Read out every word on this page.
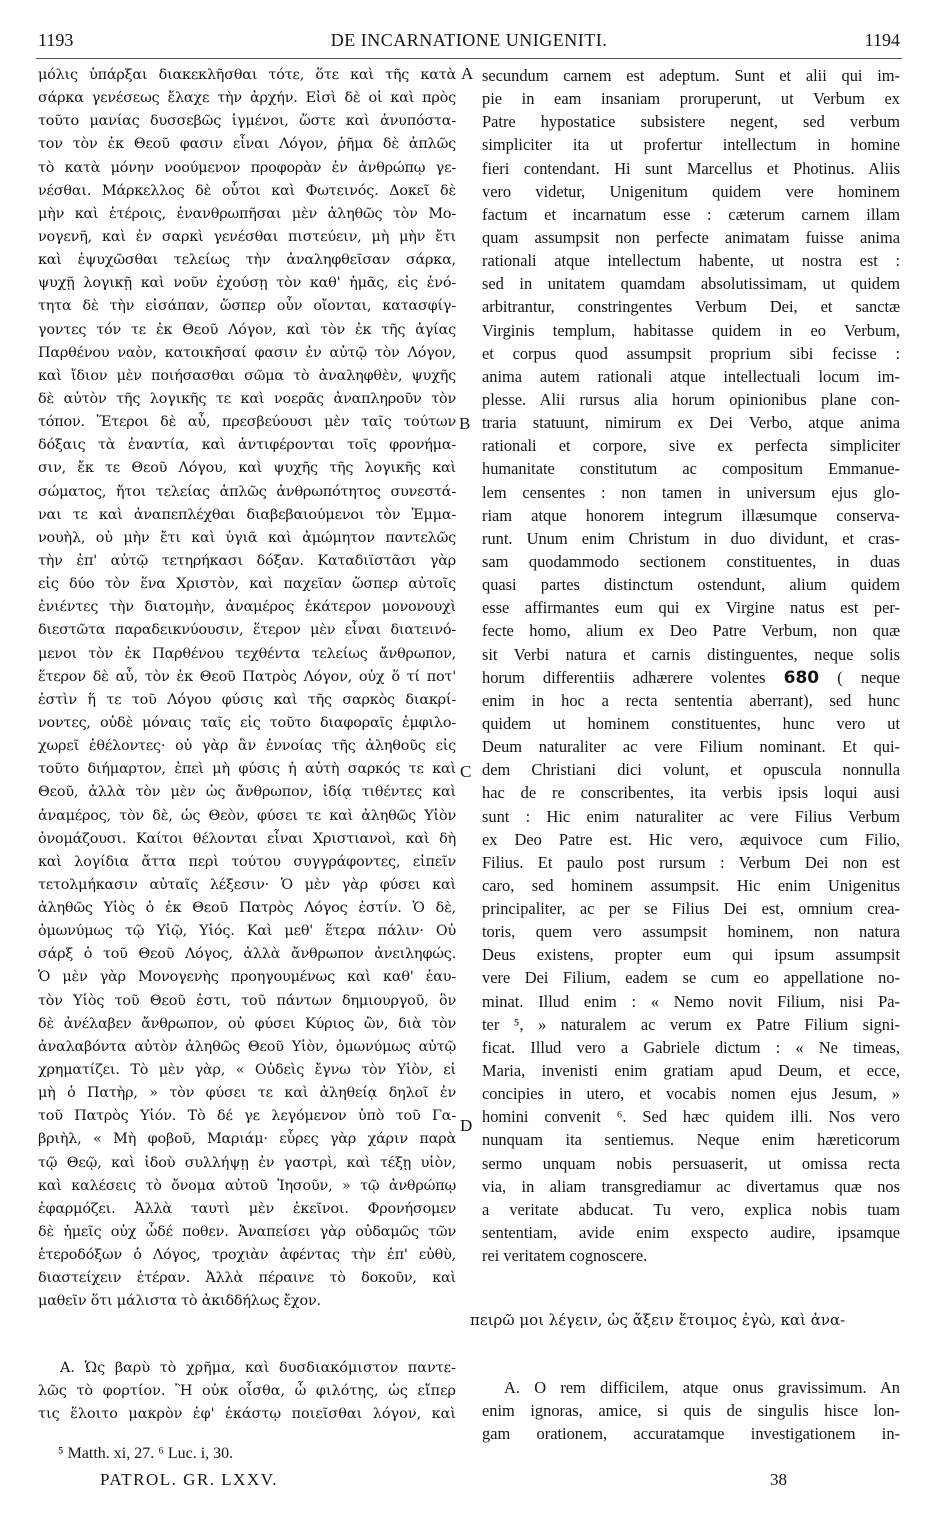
1193	DE INCARNATIONE UNIGENITI.	1194
A
B
C
D
μόλις ὑπάρξαι διακεκλῆσθαι τότε, ὅτε καὶ τῆς κατὰ
σάρκα γενέσεως ἔλαχε τὴν ἀρχήν. Εἰσὶ δὲ οἱ καὶ πρὸς
τοῦτο μανίας δυσσεβῶς ἱγμένοι, ὥστε καὶ ἀνυπόστα-
τον τὸν ἐκ Θεοῦ φασιν εἶναι Λόγον, ῥῆμα δὲ ἁπλῶς
τὸ κατὰ μόνην νοούμενον προφορὰν ἐν ἀνθρώπῳ γε-
νέσθαι. Μάρκελλος δὲ οὗτοι καὶ Φωτεινός. Δοκεῖ δὲ
μὴν καὶ ἑτέροις, ἐνανθρωπῆσαι μὲν ἀληθῶς τὸν Μο-
νογενῆ, καὶ ἐν σαρκὶ γενέσθαι πιστεύειν, μὴ μὴν ἔτι
καὶ ἐψυχῶσθαι τελείως τὴν ἀναληφθεῖσαν σάρκα,
ψυχῇ λογικῇ καὶ νοῦν ἐχούσῃ τὸν καθ' ἡμᾶς, εἰς ἑνό-
τητα δὲ τὴν εἰσάπαν, ὥσπερ οὖν οἴονται, κατασφίγ-
γοντες τόν τε ἐκ Θεοῦ Λόγον, καὶ τὸν ἐκ τῆς ἁγίας
Παρθένου ναὸν, κατοικῆσαί φασιν ἐν αὐτῷ τὸν Λόγον,
καὶ ἴδιον μὲν ποιήσασθαι σῶμα τὸ ἀναληφθὲν, ψυχῆς
δὲ αὐτὸν τῆς λογικῆς τε καὶ νοερᾶς ἀναπληροῦν τὸν
τόπον. Ἕτεροι δὲ αὖ, πρεσβεύουσι μὲν ταῖς τούτων
δόξαις τὰ ἐναντία, καὶ ἀντιφέρονται τοῖς φρονήμα-
σιν, ἔκ τε Θεοῦ Λόγου, καὶ ψυχῆς τῆς λογικῆς καὶ
σώματος, ἤτοι τελείας ἁπλῶς ἀνθρωπότητος συνεστά-
ναι τε καὶ ἀναπεπλέχθαι διαβεβαιούμενοι τὸν Ἐμμα-
νουὴλ, οὐ μὴν ἔτι καὶ ὑγιᾶ καὶ ἀμώμητον παντελῶς
τὴν ἐπ' αὐτῷ τετηρήκασι δόξαν. Καταδιϊστᾶσι γὰρ
εἰς δύο τὸν ἕνα Χριστὸν, καὶ παχεῖαν ὥσπερ αὐτοῖς
ἐνιέντες τὴν διατομὴν, ἀναμέρος ἑκάτερον μονονουχὶ
διεστῶτα παραδεικνύουσιν, ἕτερον μὲν εἶναι διατεινό-
μενοι τὸν ἐκ Παρθένου τεχθέντα τελείως ἄνθρωπον,
ἕτερον δὲ αὖ, τὸν ἐκ Θεοῦ Πατρὸς Λόγον, οὐχ ὅ τί ποτ'
ἐστὶν ἥ τε τοῦ Λόγου φύσις καὶ τῆς σαρκὸς διακρί-
νοντες, οὐδὲ μόναις ταῖς εἰς τοῦτο διαφοραῖς ἐμφιλο-
χωρεῖ ἐθέλοντες· οὐ γὰρ ἂν ἐννοίας τῆς ἀληθοῦς εἰς
τοῦτο διήμαρτον, ἐπεὶ μὴ φύσις ἡ αὐτὴ σαρκός τε καὶ
Θεοῦ, ἀλλὰ τὸν μὲν ὡς ἄνθρωπον, ἰδίᾳ τιθέντες καὶ
ἀναμέρος, τὸν δὲ, ὡς Θεὸν, φύσει τε καὶ ἀληθῶς Υἱὸν
ὀνομάζουσι. Καίτοι θέλονται εἶναι Χριστιανοὶ, καὶ δὴ
καὶ λογίδια ἄττα περὶ τούτου συγγράφοντες, εἰπεῖν
τετολμήκασιν αὐταῖς λέξεσιν· Ὁ μὲν γὰρ φύσει καὶ
ἀληθῶς Υἱὸς ὁ ἐκ Θεοῦ Πατρὸς Λόγος ἐστίν. Ὁ δὲ,
ὁμωνύμως τῷ Υἱῷ, Υἱός. Καὶ μεθ' ἕτερα πάλιν· Οὐ
σάρξ ὁ τοῦ Θεοῦ Λόγος, ἀλλὰ ἄνθρωπον ἀνειληφώς.
Ὁ μὲν γὰρ Μονογενὴς προηγουμένως καὶ καθ' ἑαυ-
τὸν Υἱὸς τοῦ Θεοῦ ἐστι, τοῦ πάντων δημιουργοῦ, ὃν
δὲ ἀνέλαβεν ἄνθρωπον, οὐ φύσει Κύριος ὢν, διὰ τὸν
ἀναλαβόντα αὐτὸν ἀληθῶς Θεοῦ Υἱὸν, ὁμωνύμως αὐτῷ
χρηματίζει. Τὸ μὲν γὰρ, « Οὐδεὶς ἔγνω τὸν Υἱὸν, εἰ
μὴ ὁ Πατὴρ, » τὸν φύσει τε καὶ ἀληθείᾳ δηλοῖ ἐν
τοῦ Πατρὸς Υἱόν. Τὸ δέ γε λεγόμενον ὑπὸ τοῦ Γα-
βριὴλ, « Μὴ φοβοῦ, Μαριάμ· εὗρες γὰρ χάριν παρὰ
τῷ Θεῷ, καὶ ἰδοὺ συλλήψῃ ἐν γαστρὶ, καὶ τέξῃ υἱὸν,
καὶ καλέσεις τὸ ὄνομα αὐτοῦ Ἰησοῦν, » τῷ ἀνθρώπῳ
ἐφαρμόζει. Ἀλλὰ ταυτὶ μὲν ἐκεῖνοι. Φρονήσομεν
δὲ ἡμεῖς οὐχ ὧδέ ποθεν. Ἀναπείσει γὰρ οὐδαμῶς τῶν
ἑτεροδόξων ὁ Λόγος, τροχιὰν ἀφέντας τὴν ἐπ' εὐθὺ,
διαστείχειν ἑτέραν. Ἀλλὰ πέραινε τὸ δοκοῦν, καὶ
μαθεῖν ὅτι μάλιστα τὸ ἀκιδδήλως ἔχον.
secundum carnem est adeptum. Sunt et alii qui im-
pie in eam insaniam proruperunt, ut Verbum ex
Patre hypostatice subsistere negent, sed verbum
simpliciter ita ut profertur intellectum in homine
fieri contendant. Hi sunt Marcellus et Photinus. Aliis
vero videtur, Unigenitum quidem vere hominem
factum et incarnatum esse : cæterum carnem illam
quam assumpsit non perfecte animatam fuisse anima
rationali atque intellectum habente, ut nostra est :
sed in unitatem quamdam absolutissimam, ut quidem
arbitrantur, constringentes Verbum Dei, et sanctæ
Virginis templum, habitasse quidem in eo Verbum,
et corpus quod assumpsit proprium sibi fecisse :
anima autem rationali atque intellectuali locum im-
plesse. Alii rursus alia horum opinionibus plane con-
traria statuunt, nimirum ex Dei Verbo, atque anima
rationali et corpore, sive ex perfecta simpliciter
humanitate constitutum ac compositum Emmanue-
lem censentes : non tamen in universum ejus glo-
riam atque honorem integrum illæsumque conserva-
runt. Unum enim Christum in duo dividunt, et cras-
sam quodammodo sectionem constituentes, in duas
quasi partes distinctum ostendunt, alium quidem
esse affirmantes eum qui ex Virgine natus est per-
fecte homo, alium ex Deo Patre Verbum, non quæ
sit Verbi natura et carnis distinguentes, neque solis
horum differentiis adhærere volentes 680 ( neque
enim in hoc a recta sententia aberrant), sed hunc
quidem ut hominem constituentes, hunc vero ut
Deum naturaliter ac vere Filium nominant. Et qui-
dem Christiani dici volunt, et opuscula nonnulla
hac de re conscribentes, ita verbis ipsis loqui ausi
sunt : Hic enim naturaliter ac vere Filius Verbum
ex Deo Patre est. Hic vero, æquivoce cum Filio,
Filius. Et paulo post rursum : Verbum Dei non est
caro, sed hominem assumpsit. Hic enim Unigenitus
principaliter, ac per se Filius Dei est, omnium crea-
toris, quem vero assumpsit hominem, non natura
Deus existens, propter eum qui ipsum assumpsit
vere Dei Filium, eadem se cum eo appellatione no-
minat. Illud enim : « Nemo novit Filium, nisi Pa-
ter ⁵, » naturalem ac verum ex Patre Filium signi-
ficat. Illud vero a Gabriele dictum : « Ne timeas,
Maria, invenisti enim gratiam apud Deum, et ecce,
concipies in utero, et vocabis nomen ejus Jesum, »
homini convenit ⁶. Sed hæc quidem illi. Nos vero
nunquam ita sentiemus. Neque enim hæreticorum
sermo unquam nobis persuaserit, ut omissa recta
via, in aliam transgrediamur ac divertamus quæ nos
a veritate abducat. Tu vero, explica nobis tuam
sententiam, avide enim exspecto audire, ipsamque
rei veritatem cognoscere.
πειρῶ μοι λέγειν, ὡς ἄξειν ἕτοιμος ἐγὼ, καὶ ἀνα-
Α. Ὡς βαρὺ τὸ χρῆμα, καὶ δυσδιακόμιστον παντε-
λῶς τὸ φορτίον. Ἢ οὐκ οἶσθα, ὦ φιλότης, ὡς εἴπερ
τις ἕλοιτο μακρὸν ἐφ' ἑκάστῳ ποιεῖσθαι λόγον, καὶ
A. O rem difficilem, atque onus gravissimum. An
enim ignoras, amice, si quis de singulis hisce lon-
gam orationem, accuratamque investigationem in-
⁵ Matth. xi, 27. ⁶ Luc. i, 30.
PATROL. GR. LXXV.	38
